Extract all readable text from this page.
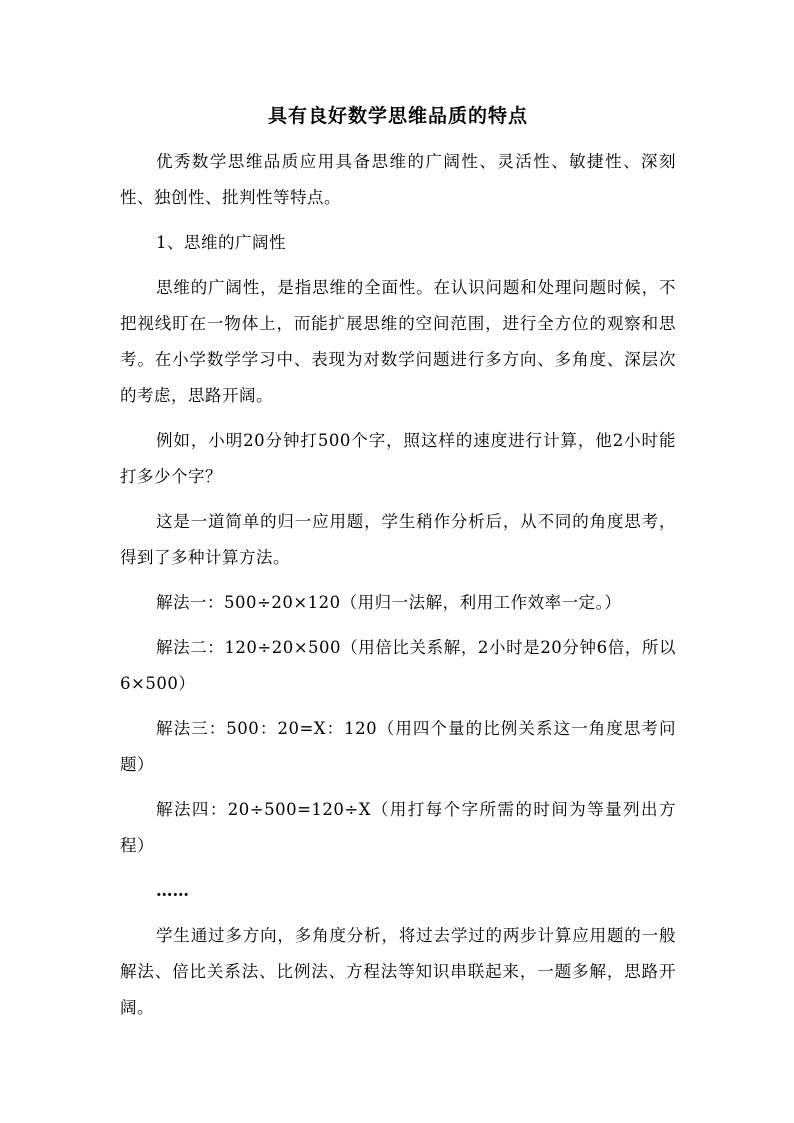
具有良好数学思维品质的特点

优秀数学思维品质应用具备思维的广阔性、灵活性、敏捷性、深刻性、独创性、批判性等特点。

1、思维的广阔性

思维的广阔性，是指思维的全面性。在认识问题和处理问题时候，不把视线盯在一物体上，而能扩展思维的空间范围，进行全方位的观察和思考。在小学数学学习中、表现为对数学问题进行多方向、多角度、深层次的考虑，思路开阔。

例如，小明20分钟打500个字，照这样的速度进行计算，他2小时能打多少个字？

这是一道简单的归一应用题，学生稍作分析后，从不同的角度思考，得到了多种计算方法。

解法一：500÷20×120（用归一法解，利用工作效率一定。）

解法二：120÷20×500（用倍比关系解，2小时是20分钟6倍，所以6×500）

解法三：500：20=X：120（用四个量的比例关系这一角度思考问题）

解法四：20÷500=120÷X（用打每个字所需的时间为等量列出方程）

……

学生通过多方向，多角度分析，将过去学过的两步计算应用题的一般解法、倍比关系法、比例法、方程法等知识串联起来，一题多解，思路开阔。
